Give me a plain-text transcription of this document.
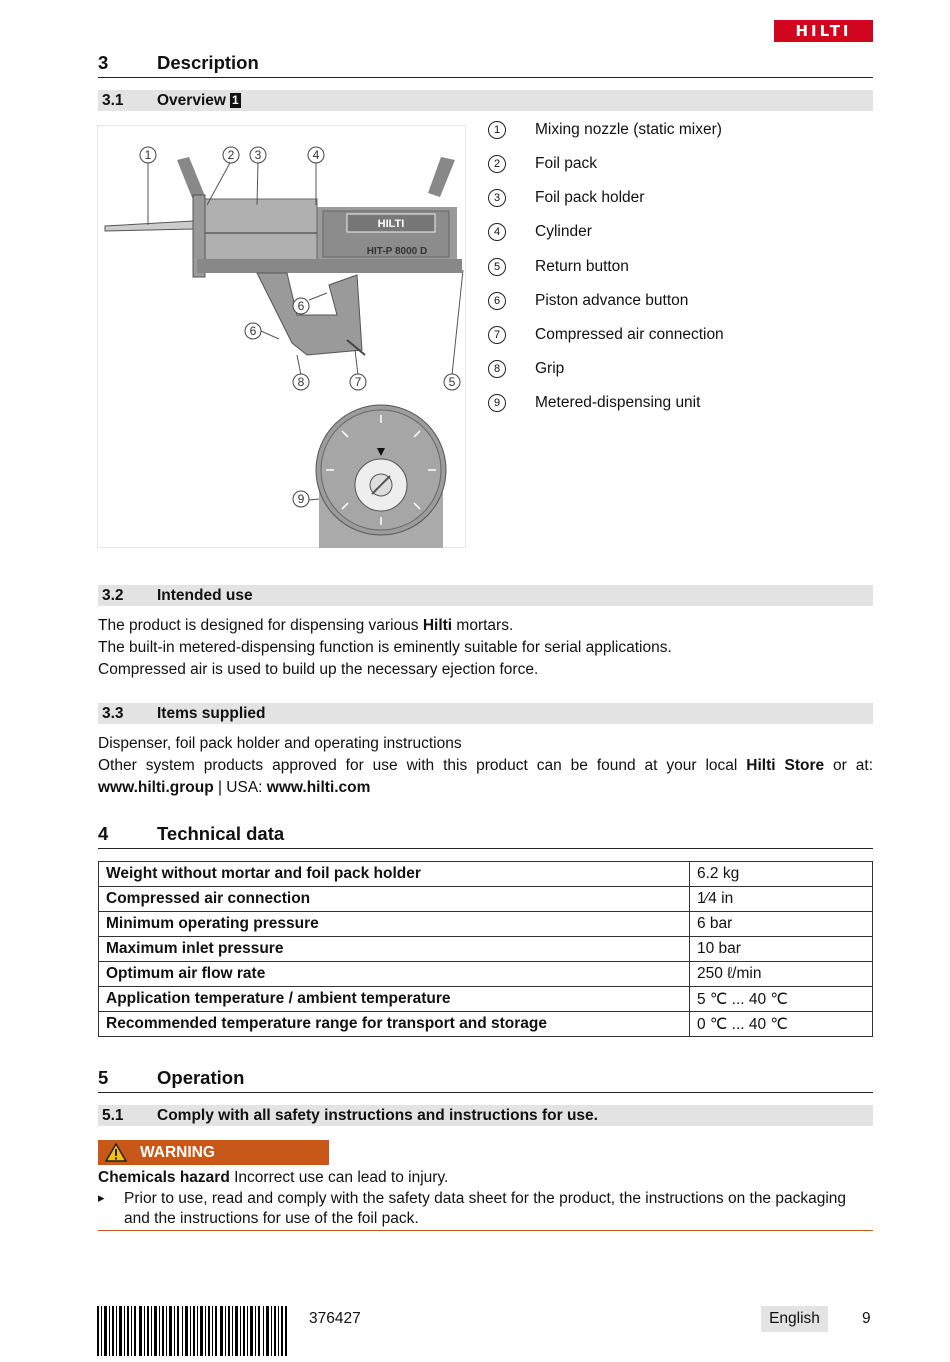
HILTI
3	Description
3.1 Overview 1
HILTI
HIT-P 8000 D
1	2 3	4
5
6
6
7
8
9
1	Mixing nozzle (static mixer)
2	Foil pack
3	Foil pack holder
4	Cylinder
5	Return button
6	Piston advance button
7	Compressed air connection
8	Grip
9	Metered-dispensing unit
3.2 Intended use
The product is designed for dispensing various Hilti mortars.
The built-in metered-dispensing function is eminently suitable for serial applications.
Compressed air is used to build up the necessary ejection force.
3.3 Items supplied
Dispenser, foil pack holder and operating instructions
Other system products approved for use with this product can be found at your local Hilti Store or at:
www.hilti.group | USA: www.hilti.com
4	Technical data
Weight without mortar and foil pack holder	6.2 kg
Compressed air connection	1⁄4 in
Minimum operating pressure	6 bar
Maximum inlet pressure	10 bar
Optimum air flow rate	250 ℓ/min
Application temperature / ambient temperature	5 ℃ ... 40 ℃
Recommended temperature range for transport and storage	0 ℃ ... 40 ℃
5	Operation
5.1 Comply with all safety instructions and instructions for use.
WARNING
Chemicals hazard Incorrect use can lead to injury.
▸ Prior to use, read and comply with the safety data sheet for the product, the instructions on the packaging and the instructions for use of the foil pack.
376427	English	9
